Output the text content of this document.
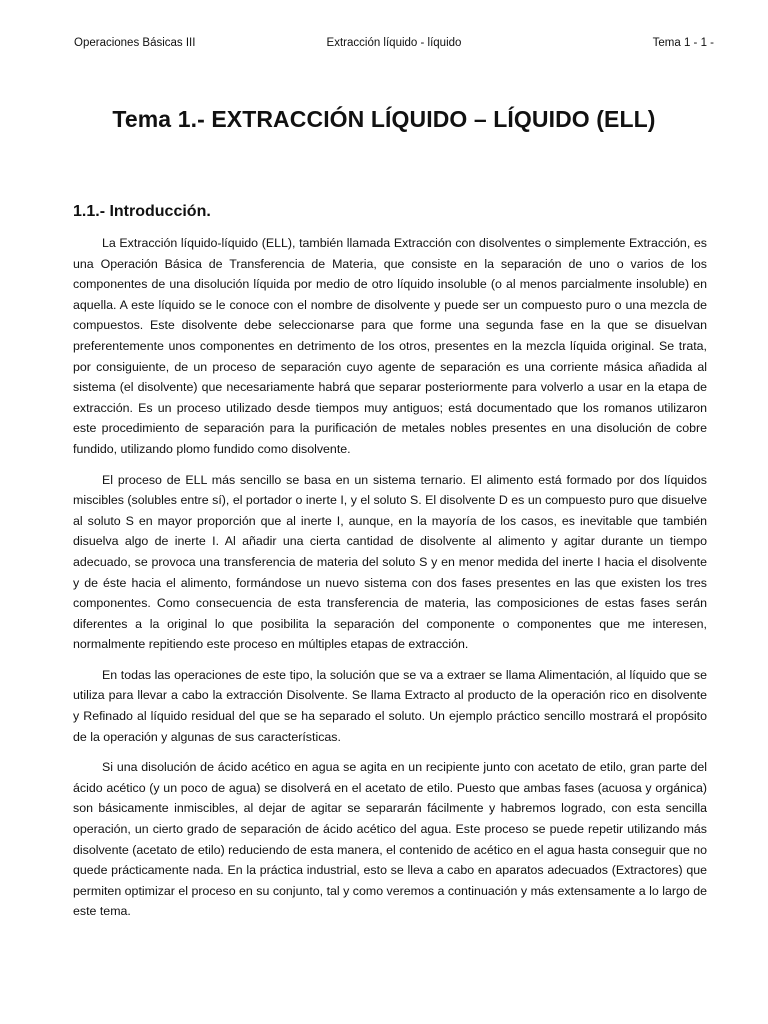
Operaciones Básicas III	Extracción líquido - líquido	Tema 1 - 1 -
Tema 1.- EXTRACCIÓN LÍQUIDO – LÍQUIDO (ELL)
1.1.- Introducción.

La Extracción líquido-líquido (ELL), también llamada Extracción con disolventes o simplemente Extracción, es una Operación Básica de Transferencia de Materia, que consiste en la separación de uno o varios de los componentes de una disolución líquida por medio de otro líquido insoluble (o al menos parcialmente insoluble) en aquella. A este líquido se le conoce con el nombre de disolvente y puede ser un compuesto puro o una mezcla de compuestos. Este disolvente debe seleccionarse para que forme una segunda fase en la que se disuelvan preferentemente unos componentes en detrimento de los otros, presentes en la mezcla líquida original. Se trata, por consiguiente, de un proceso de separación cuyo agente de separación es una corriente másica añadida al sistema (el disolvente) que necesariamente habrá que separar posteriormente para volverlo a usar en la etapa de extracción. Es un proceso utilizado desde tiempos muy antiguos; está documentado que los romanos utilizaron este procedimiento de separación para la purificación de metales nobles presentes en una disolución de cobre fundido, utilizando plomo fundido como disolvente.

El proceso de ELL más sencillo se basa en un sistema ternario. El alimento está formado por dos líquidos miscibles (solubles entre sí), el portador o inerte I, y el soluto S. El disolvente D es un compuesto puro que disuelve al soluto S en mayor proporción que al inerte I, aunque, en la mayoría de los casos, es inevitable que también disuelva algo de inerte I. Al añadir una cierta cantidad de disolvente al alimento y agitar durante un tiempo adecuado, se provoca una transferencia de materia del soluto S y en menor medida del inerte I hacia el disolvente y de éste hacia el alimento, formándose un nuevo sistema con dos fases presentes en las que existen los tres componentes. Como consecuencia de esta transferencia de materia, las composiciones de estas fases serán diferentes a la original lo que posibilita la separación del componente o componentes que me interesen, normalmente repitiendo este proceso en múltiples etapas de extracción.

En todas las operaciones de este tipo, la solución que se va a extraer se llama Alimentación, al líquido que se utiliza para llevar a cabo la extracción Disolvente. Se llama Extracto al producto de la operación rico en disolvente y Refinado al líquido residual del que se ha separado el soluto. Un ejemplo práctico sencillo mostrará el propósito de la operación y algunas de sus características.

Si una disolución de ácido acético en agua se agita en un recipiente junto con acetato de etilo, gran parte del ácido acético (y un poco de agua) se disolverá en el acetato de etilo. Puesto que ambas fases (acuosa y orgánica) son básicamente inmiscibles, al dejar de agitar se separarán fácilmente y habremos logrado, con esta sencilla operación, un cierto grado de separación de ácido acético del agua. Este proceso se puede repetir utilizando más disolvente (acetato de etilo) reduciendo de esta manera, el contenido de acético en el agua hasta conseguir que no quede prácticamente nada. En la práctica industrial, esto se lleva a cabo en aparatos adecuados (Extractores) que permiten optimizar el proceso en su conjunto, tal y como veremos a continuación y más extensamente a lo largo de este tema.
